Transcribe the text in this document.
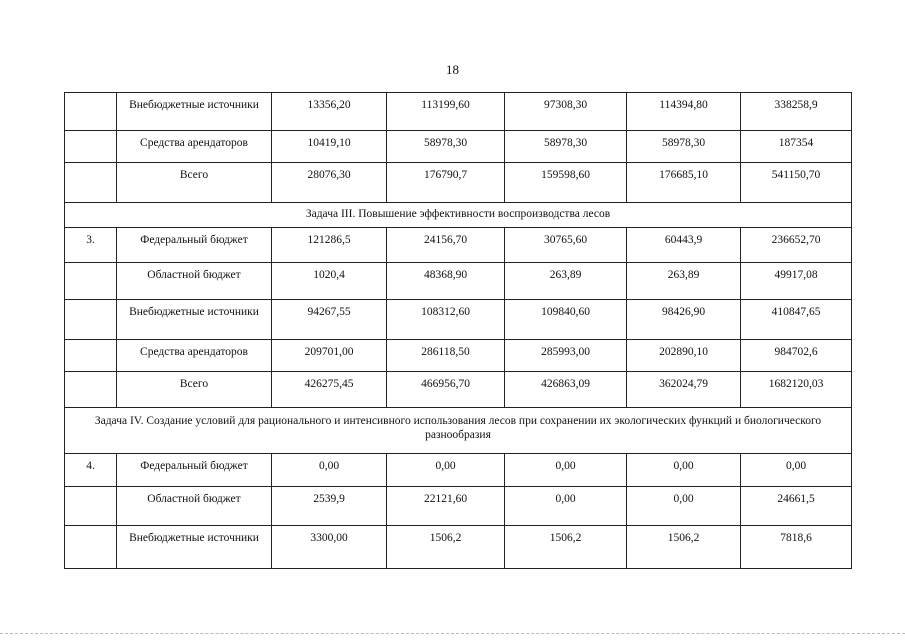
18
	Внебюджетные источники	13356,20	113199,60	97308,30	114394,80	338258,9
	Средства арендаторов	10419,10	58978,30	58978,30	58978,30	187354
	Всего	28076,30	176790,7	159598,60	176685,10	541150,70
Задача III. Повышение эффективности воспроизводства лесов						
3.	Федеральный бюджет	121286,5	24156,70	30765,60	60443,9	236652,70
	Областной бюджет	1020,4	48368,90	263,89	263,89	49917,08
	Внебюджетные источники	94267,55	108312,60	109840,60	98426,90	410847,65
	Средства арендаторов	209701,00	286118,50	285993,00	202890,10	984702,6
	Всего	426275,45	466956,70	426863,09	362024,79	1682120,03
Задача IV. Создание условий для рационального и интенсивного использования лесов при сохранении их экологических функций и биологического разнообразия						
4.	Федеральный бюджет	0,00	0,00	0,00	0,00	0,00
	Областной бюджет	2539,9	22121,60	0,00	0,00	24661,5
	Внебюджетные источники	3300,00	1506,2	1506,2	1506,2	7818,6
